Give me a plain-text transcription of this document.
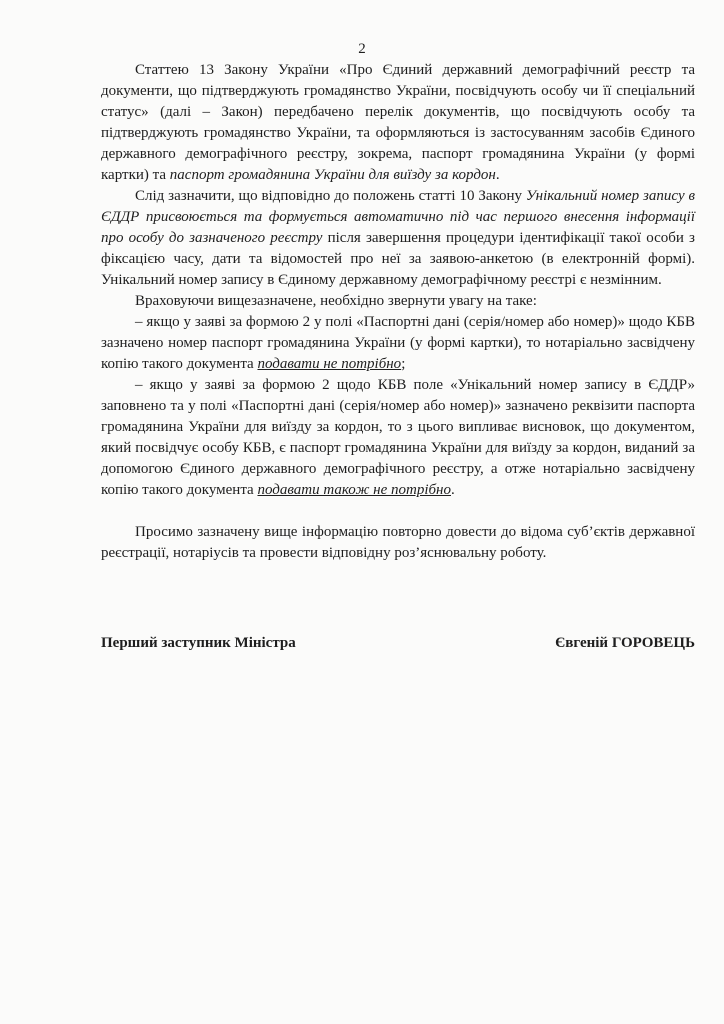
2

Статтею 13 Закону України «Про Єдиний державний демографічний реєстр та документи, що підтверджують громадянство України, посвідчують особу чи її спеціальний статус» (далі – Закон) передбачено перелік документів, що посвідчують особу та підтверджують громадянство України, та оформляються із застосуванням засобів Єдиного державного демографічного реєстру, зокрема, паспорт громадянина України (у формі картки) та паспорт громадянина України для виїзду за кордон.

Слід зазначити, що відповідно до положень статті 10 Закону Унікальний номер запису в ЄДДР присвоюється та формується автоматично під час першого внесення інформації про особу до зазначеного реєстру після завершення процедури ідентифікації такої особи з фіксацією часу, дати та відомостей про неї за заявою-анкетою (в електронній формі). Унікальний номер запису в Єдиному державному демографічному реєстрі є незмінним.

Враховуючи вищезазначене, необхідно звернути увагу на таке:

– якщо у заяві за формою 2 у полі «Паспортні дані (серія/номер або номер)» щодо КБВ зазначено номер паспорт громадянина України (у формі картки), то нотаріально засвідчену копію такого документа подавати не потрібно;

– якщо у заяві за формою 2 щодо КБВ поле «Унікальний номер запису в ЄДДР» заповнено та у полі «Паспортні дані (серія/номер або номер)» зазначено реквізити паспорта громадянина України для виїзду за кордон, то з цього випливає висновок, що документом, який посвідчує особу КБВ, є паспорт громадянина України для виїзду за кордон, виданий за допомогою Єдиного державного демографічного реєстру, а отже нотаріально засвідчену копію такого документа подавати також не потрібно.

Просимо зазначену вище інформацію повторно довести до відома суб’єктів державної реєстрації, нотаріусів та провести відповідну роз’яснювальну роботу.

Перший заступник Міністра	Євгеній ГОРОВЕЦЬ
